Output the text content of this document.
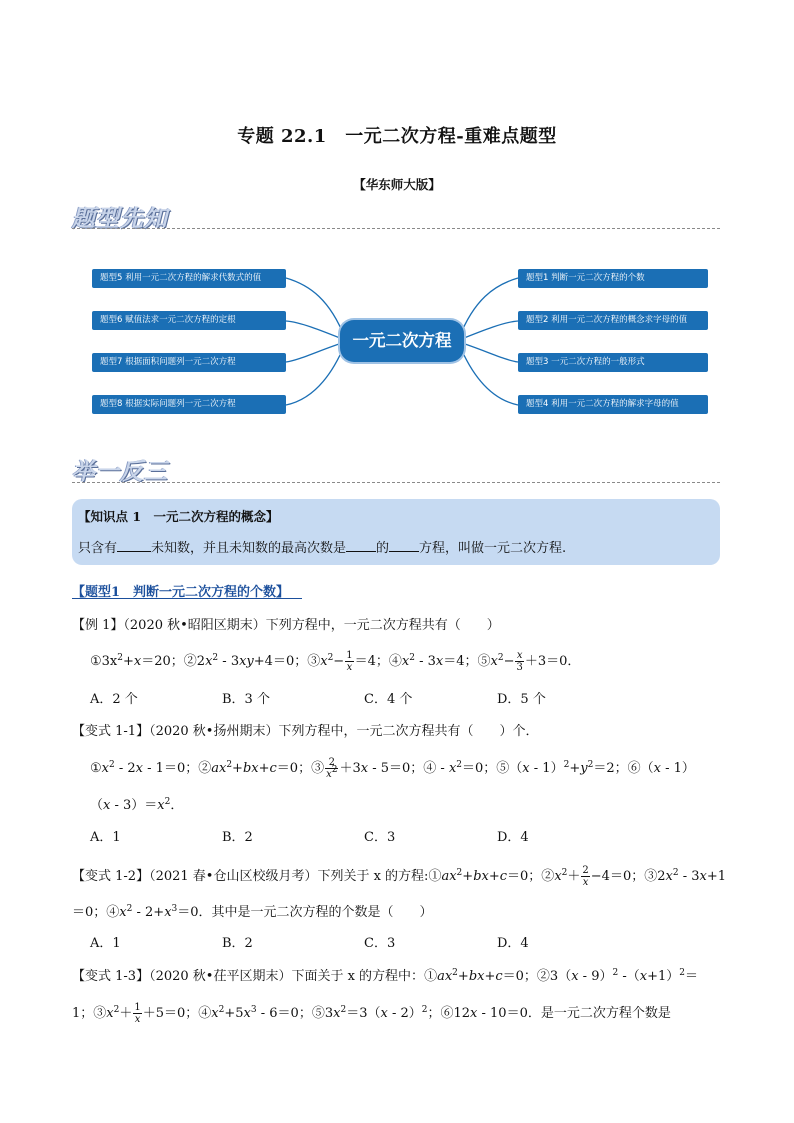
专题 22.1　一元二次方程-重难点题型
【华东师大版】
题型先知
题型5 利用一元二次方程的解求代数式的值
题型6 赋值法求一元二次方程的定根
题型7 根据面积问题列一元二次方程
题型8 根据实际问题列一元二次方程
一元二次方程
题型1 判断一元二次方程的个数
题型2 利用一元二次方程的概念求字母的值
题型3 一元二次方程的一般形式
题型4 利用一元二次方程的解求字母的值
举一反三
【知识点 1　一元二次方程的概念】
只含有	未知数，并且未知数的最高次数是 的 方程，叫做一元二次方程.
【题型1　判断一元二次方程的个数】
【例 1】（2020 秋•昭阳区期末）下列方程中，一元二次方程共有（　　）
$①3x^2+x=20$；$②2x^2 - 3xy+4=0$；$③x^2- \frac{1}{x} =4$；$④x^2 - 3x=4$；$⑤x^2- \frac{x}{3} +3=0$．
A．2 个	B．3 个	C．4 个	D．5 个
【变式 1-1】（2020 秋•扬州期末）下列方程中，一元二次方程共有（　　）个．
$①x^2 - 2x - 1=0$；$②ax^2+bx+c=0$；③ $\frac{2}{x^2} +3x - 5=0$；④ - $x^2=0$；⑤（x - $1)^2+y^2=2$；⑥（x - 1）
$(x - 3)=x^2$．
A．1	B．2	C．3	D．4
【变式 1-2】（2021 春•仓山区校级月考）下列关于 x 的方程$:①ax^2+bx+c=0$；$②x^2+ \frac{2}{x} -4=0$；$③2x^2 - 3x+1$
＝0；$④x^2 - 2+x^3=0$．其中是一元二次方程的个数是（　　）
A．1	B．2	C．3	D．4
【变式 1-3】（2020 秋•茌平区期末）下面关于 x 的方程中：$①ax^2+bx+c=0$；②3（x - 9）$^2$ $-(x+1)^2=$
1；$③x^2+ \frac{1}{x} +5=0$；$④x^2+5x^3 - 6=0$；$⑤3x^2=3(x - 2)^2$；⑥12x - 10＝0．是一元二次方程个数是
